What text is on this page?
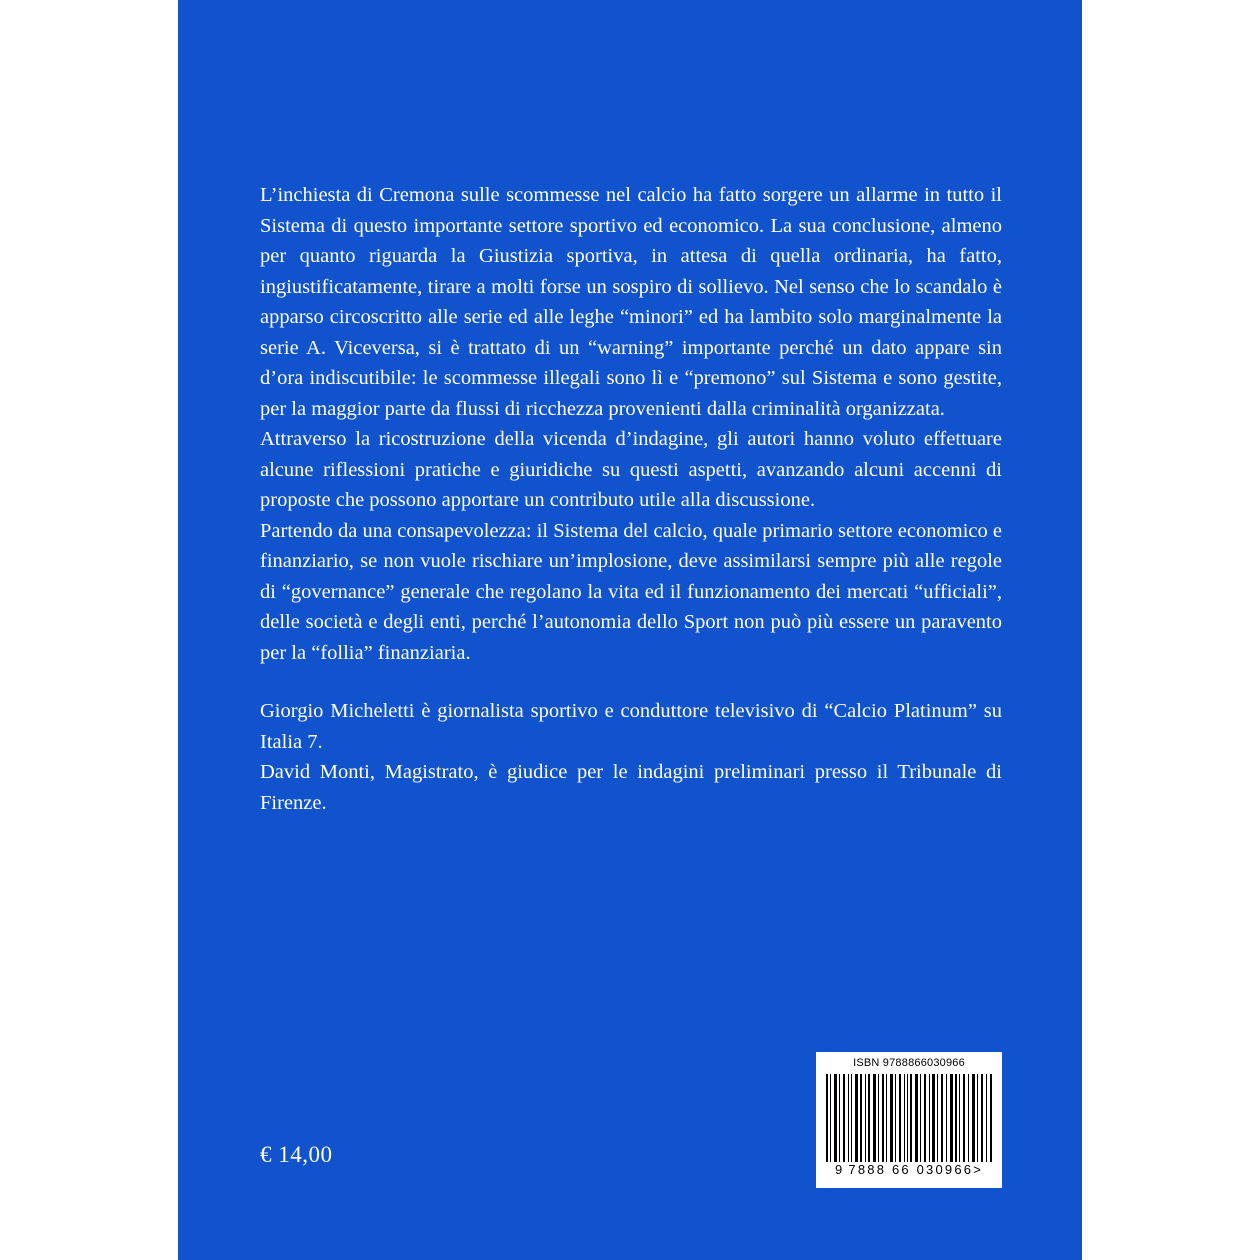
L’inchiesta di Cremona sulle scommesse nel calcio ha fatto sorgere un allarme in tutto il Sistema di questo importante settore sportivo ed economico. La sua conclusione, almeno per quanto riguarda la Giustizia sportiva, in attesa di quella ordinaria, ha fatto, ingiustificatamente, tirare a molti forse un sospiro di sollievo. Nel senso che lo scandalo è apparso circoscritto alle serie ed alle leghe “minori” ed ha lambito solo marginalmente la serie A. Viceversa, si è trattato di un “warning” importante perché un dato appare sin d’ora indiscutibile: le scommesse illegali sono lì e “premono” sul Sistema e sono gestite, per la maggior parte da flussi di ricchezza provenienti dalla criminalità organizzata.

Attraverso la ricostruzione della vicenda d’indagine, gli autori hanno voluto effettuare alcune riflessioni pratiche e giuridiche su questi aspetti, avanzando alcuni accenni di proposte che possono apportare un contributo utile alla discussione.

Partendo da una consapevolezza: il Sistema del calcio, quale primario settore economico e finanziario, se non vuole rischiare un’implosione, deve assimilarsi sempre più alle regole di “governance” generale che regolano la vita ed il funzionamento dei mercati “ufficiali”, delle società e degli enti, perché l’autonomia dello Sport non può più essere un paravento per la “follia” finanziaria.

Giorgio Micheletti è giornalista sportivo e conduttore televisivo di “Calcio Platinum” su Italia 7.

David Monti, Magistrato, è giudice per le indagini preliminari presso il Tribunale di Firenze.

€ 14,00
ISBN 9788866030966
9 7888 66 030966>
